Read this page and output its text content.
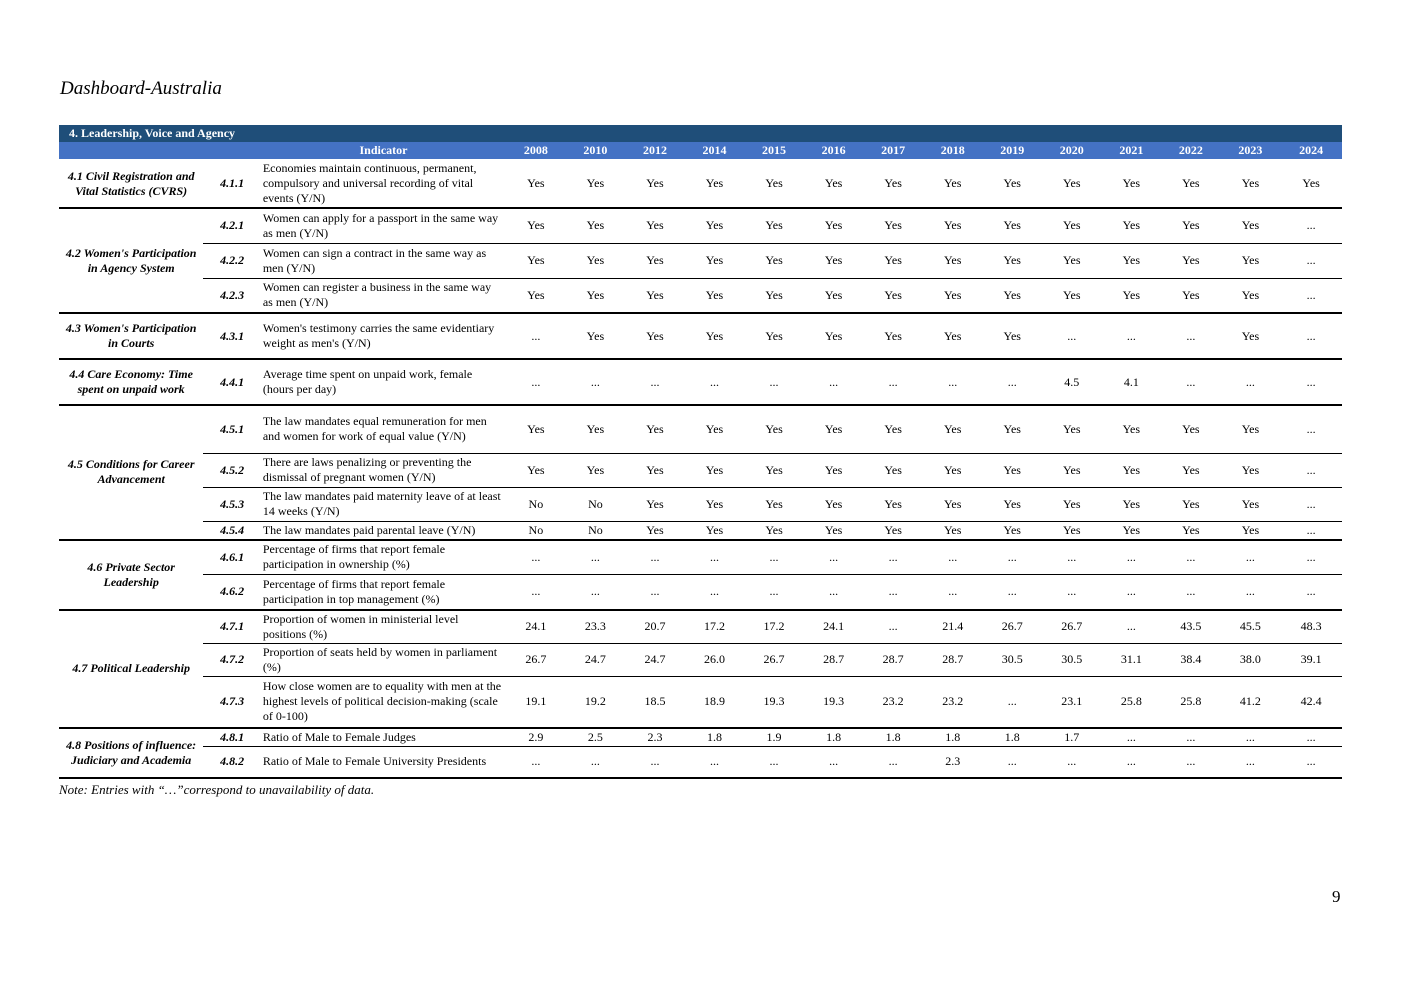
Dashboard-Australia
4. Leadership, Voice and Agency																
		Indicator	2008	2010	2012	2014	2015	2016	2017	2018	2019	2020	2021	2022	2023	2024
4.1 Civil Registration and Vital Statistics (CVRS)	4.1.1	Economies maintain continuous, permanent, compulsory and universal recording of vital events (Y/N)	Yes	Yes	Yes	Yes	Yes	Yes	Yes	Yes	Yes	Yes	Yes	Yes	Yes	Yes
4.2 Women's Participation in Agency System	4.2.1	Women can apply for a passport in the same way as men (Y/N)	Yes	Yes	Yes	Yes	Yes	Yes	Yes	Yes	Yes	Yes	Yes	Yes	Yes	...
	4.2.2	Women can sign a contract in the same way as men (Y/N)	Yes	Yes	Yes	Yes	Yes	Yes	Yes	Yes	Yes	Yes	Yes	Yes	Yes	...
	4.2.3	Women can register a business in the same way as men (Y/N)	Yes	Yes	Yes	Yes	Yes	Yes	Yes	Yes	Yes	Yes	Yes	Yes	Yes	...
4.3 Women's Participation in Courts	4.3.1	Women's testimony carries the same evidentiary weight as men's (Y/N)	...	Yes	Yes	Yes	Yes	Yes	Yes	Yes	Yes	...	...	...	Yes	...
4.4 Care Economy: Time spent on unpaid work	4.4.1	Average time spent on unpaid work, female (hours per day)	...	...	...	...	...	...	...	...	...	4.5	4.1	...	...	...
4.5 Conditions for Career Advancement	4.5.1	The law mandates equal remuneration for men and women for work of equal value (Y/N)	Yes	Yes	Yes	Yes	Yes	Yes	Yes	Yes	Yes	Yes	Yes	Yes	Yes	...
	4.5.2	There are laws penalizing or preventing the dismissal of pregnant women (Y/N)	Yes	Yes	Yes	Yes	Yes	Yes	Yes	Yes	Yes	Yes	Yes	Yes	Yes	...
	4.5.3	The law mandates paid maternity leave of at least 14 weeks (Y/N)	No	No	Yes	Yes	Yes	Yes	Yes	Yes	Yes	Yes	Yes	Yes	Yes	...
	4.5.4	The law mandates paid parental leave (Y/N)	No	No	Yes	Yes	Yes	Yes	Yes	Yes	Yes	Yes	Yes	Yes	Yes	...
4.6 Private Sector Leadership	4.6.1	Percentage of firms that report female participation in ownership (%)	...	...	...	...	...	...	...	...	...	...	...	...	...	...
	4.6.2	Percentage of firms that report female participation in top management (%)	...	...	...	...	...	...	...	...	...	...	...	...	...	...
4.7 Political Leadership	4.7.1	Proportion of women in ministerial level positions (%)	24.1	23.3	20.7	17.2	17.2	24.1	...	21.4	26.7	26.7	...	43.5	45.5	48.3
	4.7.2	Proportion of seats held by women in parliament (%)	26.7	24.7	24.7	26.0	26.7	28.7	28.7	28.7	30.5	30.5	31.1	38.4	38.0	39.1
	4.7.3	How close women are to equality with men at the highest levels of political decision-making (scale of 0-100)	19.1	19.2	18.5	18.9	19.3	19.3	23.2	23.2	...	23.1	25.8	25.8	41.2	42.4
4.8 Positions of influence: Judiciary and Academia	4.8.1	Ratio of Male to Female Judges	2.9	2.5	2.3	1.8	1.9	1.8	1.8	1.8	1.8	1.7	...	...	...	...
	4.8.2	Ratio of Male to Female University Presidents	...	...	...	...	...	...	...	2.3	...	...	...	...	...	...
Note: Entries with “…”correspond to unavailability of data.
9
